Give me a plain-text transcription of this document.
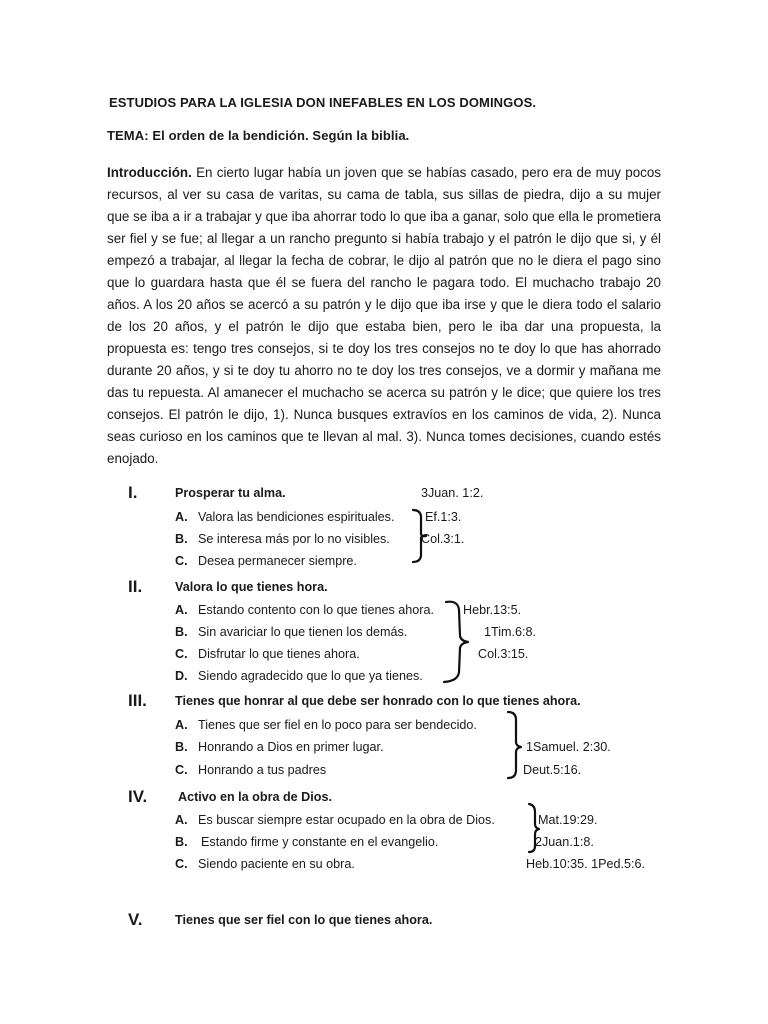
ESTUDIOS PARA LA IGLESIA DON INEFABLES EN LOS DOMINGOS.
TEMA: El orden de la bendición. Según la biblia.
Introducción. En cierto lugar había un joven que se habías casado, pero era de muy pocos recursos, al ver su casa de varitas, su cama de tabla, sus sillas de piedra, dijo a su mujer que se iba a ir a trabajar y que iba ahorrar todo lo que iba a ganar, solo que ella le prometiera ser fiel y se fue; al llegar a un rancho pregunto si había trabajo y el patrón le dijo que si, y él empezó a trabajar, al llegar la fecha de cobrar, le dijo al patrón que no le diera el pago sino que lo guardara hasta que él se fuera del rancho le pagara todo. El muchacho trabajo 20 años. A los 20 años se acercó a su patrón y le dijo que iba irse y que le diera todo el salario de los 20 años, y el patrón le dijo que estaba bien, pero le iba dar una propuesta, la propuesta es: tengo tres consejos, si te doy los tres consejos no te doy lo que has ahorrado durante 20 años, y si te doy tu ahorro no te doy los tres consejos, ve a dormir y mañana me das tu repuesta. Al amanecer el muchacho se acerca su patrón y le dice; que quiere los tres consejos. El patrón le dijo, 1). Nunca busques extravíos en los caminos de vida, 2). Nunca seas curioso en los caminos que te llevan al mal. 3). Nunca tomes decisiones, cuando estés enojado.
I.	Prosperar tu alma.	3Juan. 1:2.
A. Valora las bendiciones espirituales. Ef.1:3.
B. Se interesa más por lo no visibles. Col.3:1.
C. Desea permanecer siempre.
II.	Valora lo que tienes hora.
A. Estando contento con lo que tienes ahora. Hebr.13:5.
B. Sin avariciar lo que tienen los demás.	1Tim.6:8.
C. Disfrutar lo que tienes ahora.	Col.3:15.
D. Siendo agradecido que lo que ya tienes.
III. Tienes que honrar al que debe ser honrado con lo que tienes ahora.
A. Tienes que ser fiel en lo poco para ser bendecido.
B. Honrando a Dios en primer lugar.	1Samuel. 2:30.
C. Honrando a tus padres	Deut.5:16.
IV. Activo en la obra de Dios.
A. Es buscar siempre estar ocupado en la obra de Dios.	Mat.19:29.
B. Estando firme y constante en el evangelio.	2Juan.1:8.
C. Siendo paciente en su obra.	Heb.10:35. 1Ped.5:6.
V.	Tienes que ser fiel con lo que tienes ahora.
